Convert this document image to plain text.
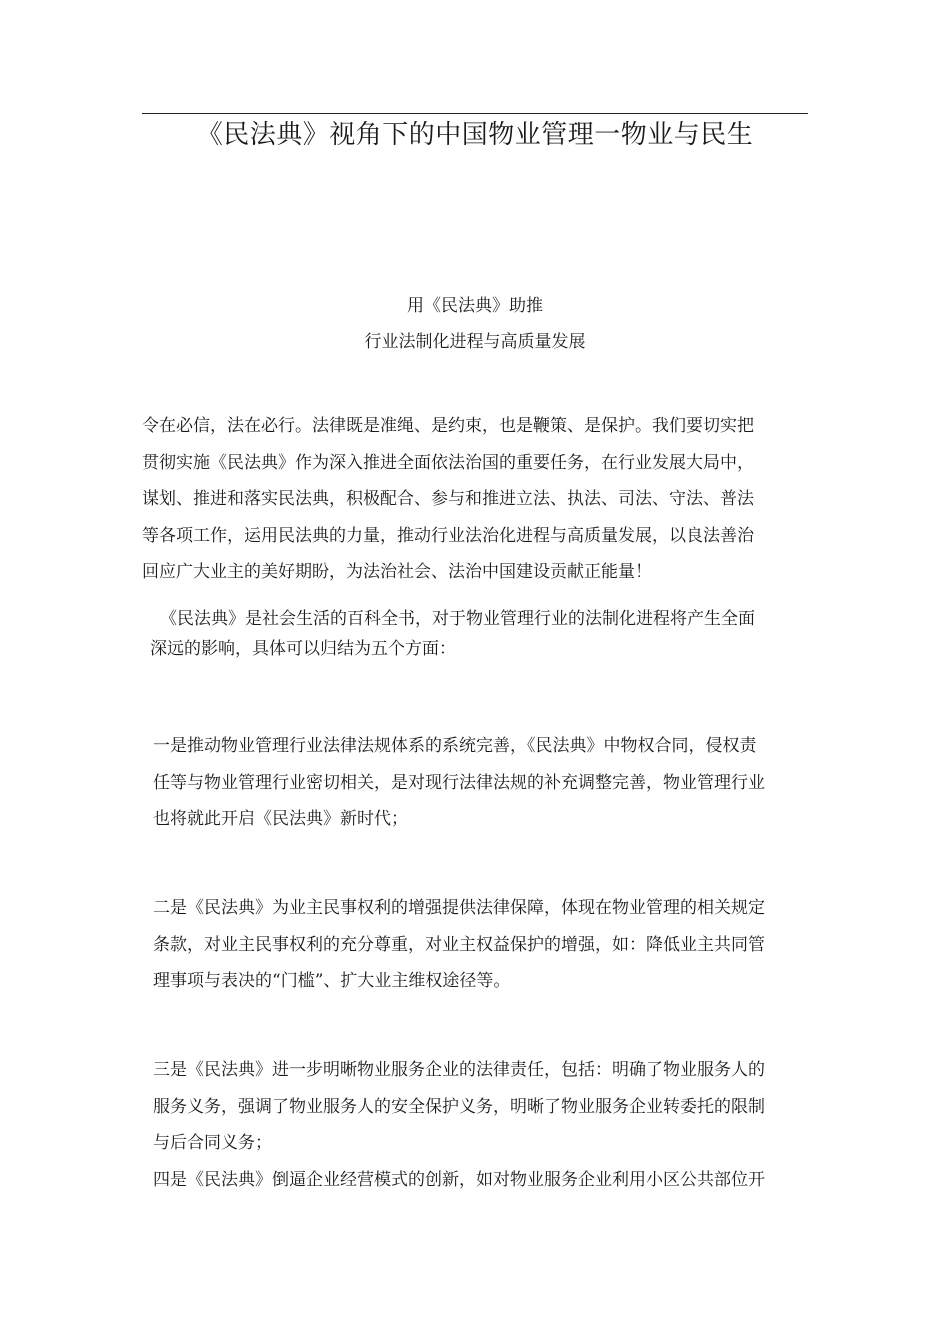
《民法典》视角下的中国物业管理一物业与民生
用《民法典》助推
行业法制化进程与高质量发展
令在必信，法在必行。法律既是准绳、是约束，也是鞭策、是保护。我们要切实把
贯彻实施《民法典》作为深入推进全面依法治国的重要任务，在行业发展大局中，
谋划、推进和落实民法典，积极配合、参与和推进立法、执法、司法、守法、普法
等各项工作，运用民法典的力量，推动行业法治化进程与高质量发展，以良法善治
回应广大业主的美好期盼，为法治社会、法治中国建设贡献正能量！
《民法典》是社会生活的百科全书，对于物业管理行业的法制化进程将产生全面
深远的影响，具体可以归结为五个方面：
一是推动物业管理行业法律法规体系的系统完善，《民法典》中物权合同，侵权责
任等与物业管理行业密切相关，是对现行法律法规的补充调整完善，物业管理行业
也将就此开启《民法典》新时代；
二是《民法典》为业主民事权利的增强提供法律保障，体现在物业管理的相关规定
条款，对业主民事权利的充分尊重，对业主权益保护的增强，如：降低业主共同管
理事项与表决的“门槛”、扩大业主维权途径等。
三是《民法典》进一步明晰物业服务企业的法律责任，包括：明确了物业服务人的
服务义务，强调了物业服务人的安全保护义务，明晰了物业服务企业转委托的限制
与后合同义务；
四是《民法典》倒逼企业经营模式的创新，如对物业服务企业利用小区公共部位开
